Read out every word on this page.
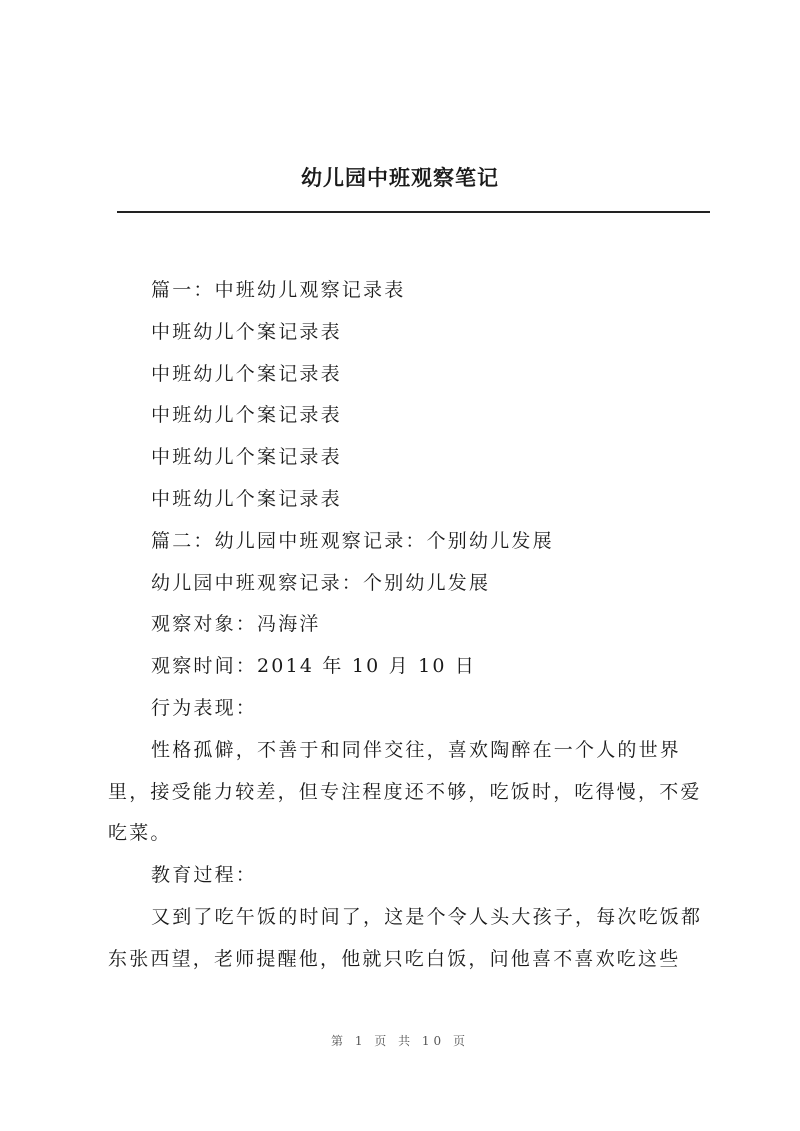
幼儿园中班观察笔记
篇一：中班幼儿观察记录表
中班幼儿个案记录表
中班幼儿个案记录表
中班幼儿个案记录表
中班幼儿个案记录表
中班幼儿个案记录表
篇二：幼儿园中班观察记录：个别幼儿发展
幼儿园中班观察记录：个别幼儿发展
观察对象：冯海洋
观察时间：2014 年 10 月 10 日
行为表现：
性格孤僻，不善于和同伴交往，喜欢陶醉在一个人的世界
里，接受能力较差，但专注程度还不够，吃饭时，吃得慢，不爱
吃菜。
教育过程：
又到了吃午饭的时间了，这是个令人头大孩子，每次吃饭都
东张西望，老师提醒他，他就只吃白饭，问他喜不喜欢吃这些
第 1 页 共 10 页
